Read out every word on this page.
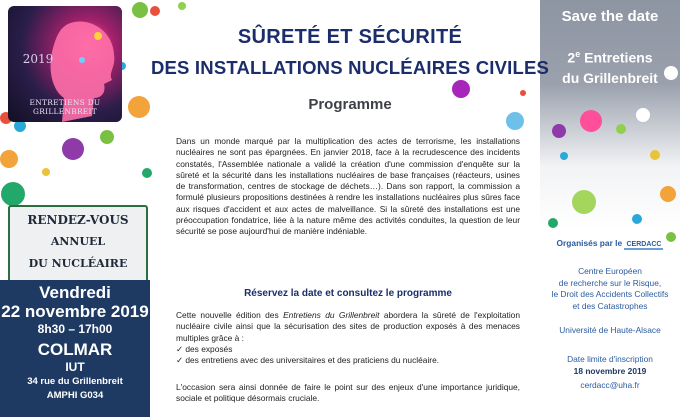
2019
ENTRETIENS DU GRILLENBREIT
SÛRETÉ ET SÉCURITÉ
DES INSTALLATIONS NUCLÉAIRES CIVILES
Programme
Dans un monde marqué par la multiplication des actes de terrorisme, les installations nucléaires ne sont pas épargnées. En janvier 2018, face à la recrudescence des incidents constatés, l'Assemblée nationale a validé la création d'une commission d'enquête sur la sûreté et la sécurité dans les installations nucléaires de base françaises (réacteurs, usines de transformation, centres de stockage de déchets…). Dans son rapport, la commission a formulé plusieurs propositions destinées à rendre les installations nucléaires plus sûres face aux risques d'accident et aux actes de malveillance. Si la sûreté des installations est une préoccupation fondatrice, liée à la nature même des activités conduites, la question de leur sécurité se pose aujourd'hui de manière indéniable.
Réservez la date et consultez le programme
Cette nouvelle édition des Entretiens du Grillenbreit abordera la sûreté de l'exploitation nucléaire civile ainsi que la sécurisation des sites de production exposés à des menaces multiples grâce à :
✓ des exposés
✓ des entretiens avec des universitaires et des praticiens du nucléaire.
L'occasion sera ainsi donnée de faire le point sur des enjeux d'une importance juridique, sociale et politique désormais cruciale.
RENDEZ-VOUS
ANNUEL
DU NUCLÉAIRE
Vendredi
22 novembre 2019
8h30 – 17h00
COLMAR
IUT
34 rue du Grillenbreit
AMPHI G034
Save the date
2e Entretiens
du Grillenbreit
Organisés par le CERDACC
Centre Européen
de recherche sur le Risque,
le Droit des Accidents Collectifs
et des Catastrophes
Université de Haute-Alsace
Date limite d'inscription
18 novembre 2019
cerdacc@uha.fr
